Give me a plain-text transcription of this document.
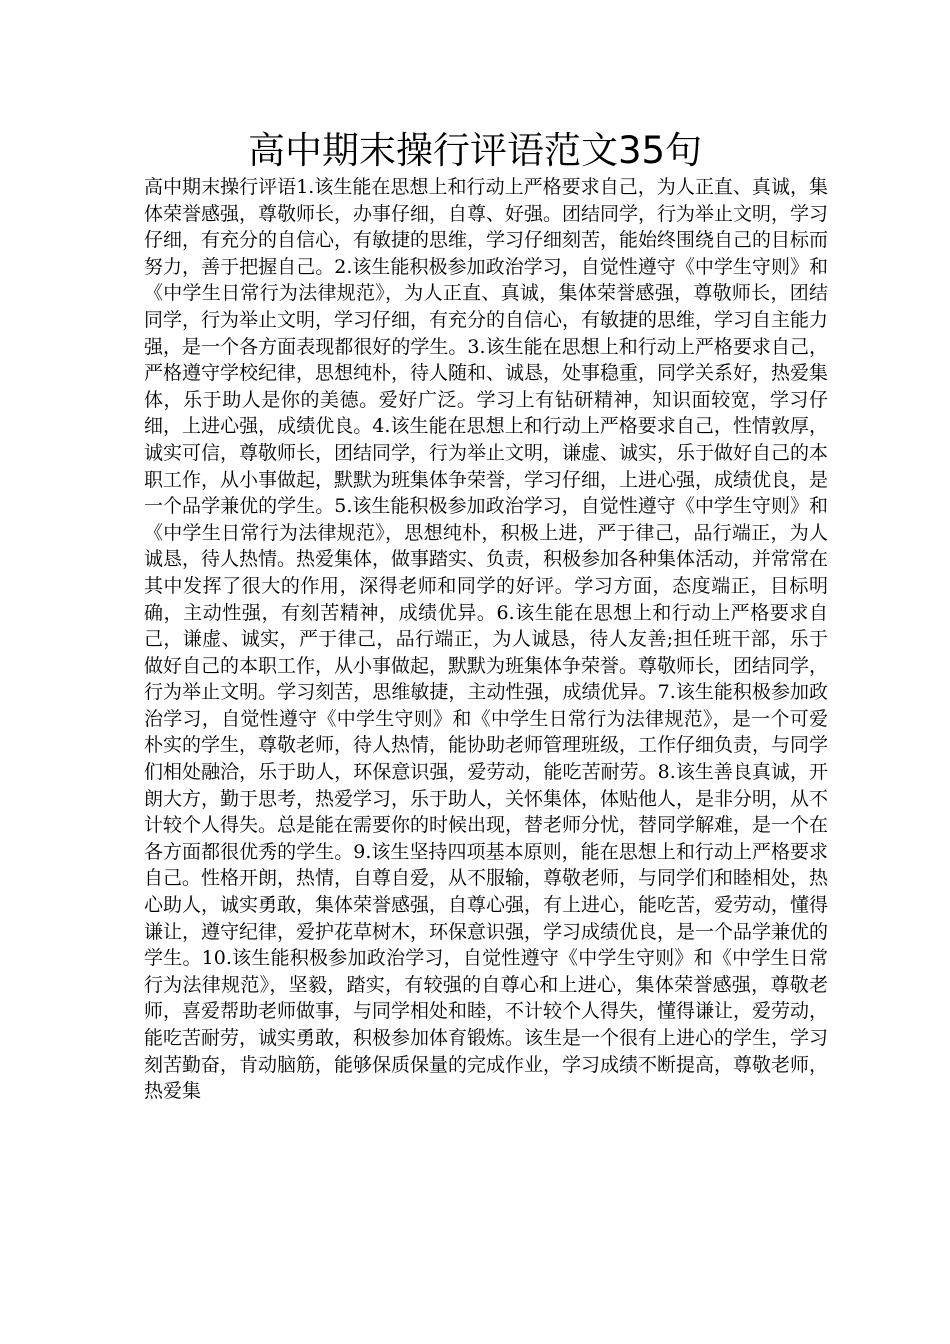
高中期末操行评语范文35句

高中期末操行评语1.该生能在思想上和行动上严格要求自己，为人正直、真诚，集体荣誉感强，尊敬师长，办事仔细，自尊、好强。团结同学，行为举止文明，学习仔细，有充分的自信心，有敏捷的思维，学习仔细刻苦，能始终围绕自己的目标而努力，善于把握自己。2.该生能积极参加政治学习，自觉性遵守《中学生守则》和《中学生日常行为法律规范》，为人正直、真诚，集体荣誉感强，尊敬师长，团结同学，行为举止文明，学习仔细，有充分的自信心，有敏捷的思维，学习自主能力强，是一个各方面表现都很好的学生。3.该生能在思想上和行动上严格要求自己，严格遵守学校纪律，思想纯朴，待人随和、诚恳，处事稳重，同学关系好，热爱集体，乐于助人是你的美德。爱好广泛。学习上有钻研精神，知识面较宽，学习仔细，上进心强，成绩优良。4.该生能在思想上和行动上严格要求自己，性情敦厚，诚实可信，尊敬师长，团结同学，行为举止文明，谦虚、诚实，乐于做好自己的本职工作，从小事做起，默默为班集体争荣誉，学习仔细，上进心强，成绩优良，是一个品学兼优的学生。5.该生能积极参加政治学习，自觉性遵守《中学生守则》和《中学生日常行为法律规范》，思想纯朴，积极上进，严于律己，品行端正，为人诚恳，待人热情。热爱集体，做事踏实、负责，积极参加各种集体活动，并常常在其中发挥了很大的作用，深得老师和同学的好评。学习方面，态度端正，目标明确，主动性强，有刻苦精神，成绩优异。6.该生能在思想上和行动上严格要求自己，谦虚、诚实，严于律己，品行端正，为人诚恳，待人友善;担任班干部，乐于做好自己的本职工作，从小事做起，默默为班集体争荣誉。尊敬师长，团结同学，行为举止文明。学习刻苦，思维敏捷，主动性强，成绩优异。7.该生能积极参加政治学习，自觉性遵守《中学生守则》和《中学生日常行为法律规范》，是一个可爱朴实的学生，尊敬老师，待人热情，能协助老师管理班级，工作仔细负责，与同学们相处融洽，乐于助人，环保意识强，爱劳动，能吃苦耐劳。8.该生善良真诚，开朗大方，勤于思考，热爱学习，乐于助人，关怀集体，体贴他人，是非分明，从不计较个人得失。总是能在需要你的时候出现，替老师分忧，替同学解难，是一个在各方面都很优秀的学生。9.该生坚持四项基本原则，能在思想上和行动上严格要求自己。性格开朗，热情，自尊自爱，从不服输，尊敬老师，与同学们和睦相处，热心助人，诚实勇敢，集体荣誉感强，自尊心强，有上进心，能吃苦，爱劳动，懂得谦让，遵守纪律，爱护花草树木，环保意识强，学习成绩优良，是一个品学兼优的学生。10.该生能积极参加政治学习，自觉性遵守《中学生守则》和《中学生日常行为法律规范》，坚毅，踏实，有较强的自尊心和上进心，集体荣誉感强，尊敬老师，喜爱帮助老师做事，与同学相处和睦，不计较个人得失，懂得谦让，爱劳动，能吃苦耐劳，诚实勇敢，积极参加体育锻炼。该生是一个很有上进心的学生，学习刻苦勤奋，肯动脑筋，能够保质保量的完成作业，学习成绩不断提高，尊敬老师，热爱集
